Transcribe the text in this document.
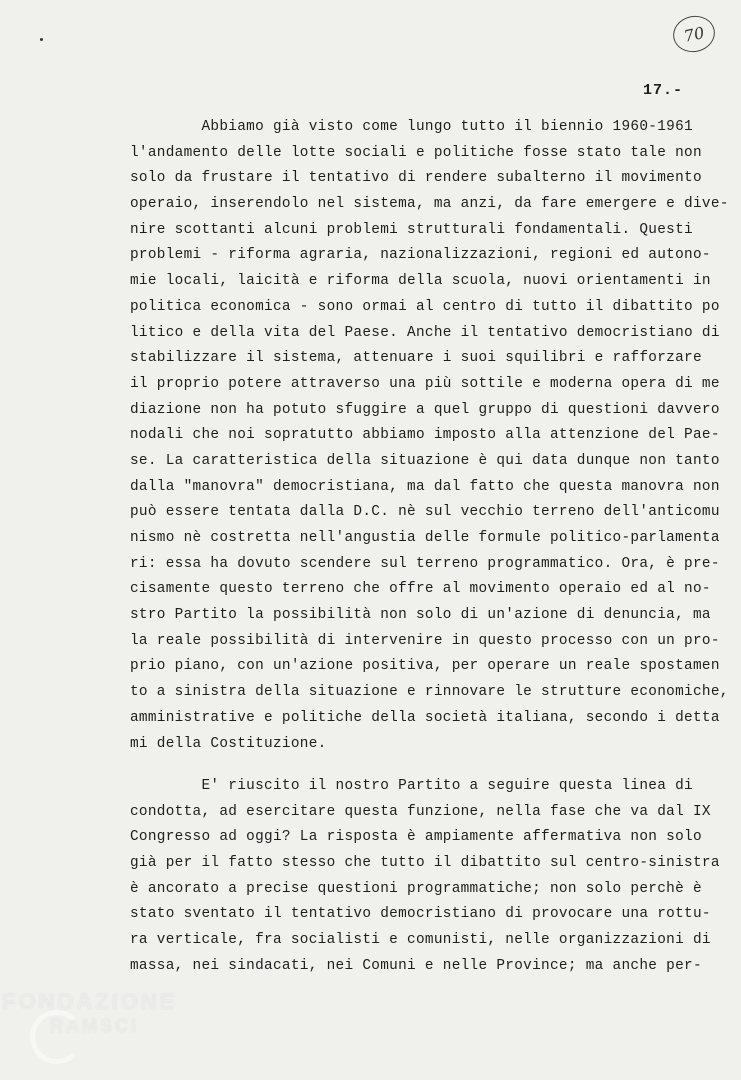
70
17.-
Abbiamo già visto come lungo tutto il biennio 1960-1961
l'andamento delle lotte sociali e politiche fosse stato tale non
solo da frustare il tentativo di rendere subalterno il movimento
operaio, inserendolo nel sistema, ma anzi, da fare emergere e dive-
nire scottanti alcuni problemi strutturali fondamentali. Questi
problemi - riforma agraria, nazionalizzazioni, regioni ed autono-
mie locali, laicità e riforma della scuola, nuovi orientamenti in
politica economica - sono ormai al centro di tutto il dibattito po
litico e della vita del Paese. Anche il tentativo democristiano di
stabilizzare il sistema, attenuare i suoi squilibri e rafforzare
il proprio potere attraverso una più sottile e moderna opera di me
diazione non ha potuto sfuggire a quel gruppo di questioni davvero
nodali che noi sopratutto abbiamo imposto alla attenzione del Pae-
se. La caratteristica della situazione è qui data dunque non tanto
dalla "manovra" democristiana, ma dal fatto che questa manovra non
può essere tentata dalla D.C. nè sul vecchio terreno dell'anticomu
nismo nè costretta nell'angustia delle formule politico-parlamenta
ri: essa ha dovuto scendere sul terreno programmatico. Ora, è pre-
cisamente questo terreno che offre al movimento operaio ed al no-
stro Partito la possibilità non solo di un'azione di denuncia, ma
la reale possibilità di intervenire in questo processo con un pro-
prio piano, con un'azione positiva, per operare un reale spostamen
to a sinistra della situazione e rinnovare le strutture economiche,
amministrative e politiche della società italiana, secondo i detta
mi della Costituzione.
E' riuscito il nostro Partito a seguire questa linea di
condotta, ad esercitare questa funzione, nella fase che va dal IX
Congresso ad oggi? La risposta è ampiamente affermativa non solo
già per il fatto stesso che tutto il dibattito sul centro-sinistra
è ancorato a precise questioni programmatiche; non solo perchè è
stato sventato il tentativo democristiano di provocare una rottu-
ra verticale, fra socialisti e comunisti, nelle organizzazioni di
massa, nei sindacati, nei Comuni e nelle Province; ma anche per-
FONDAZIONE
RAMSCI
